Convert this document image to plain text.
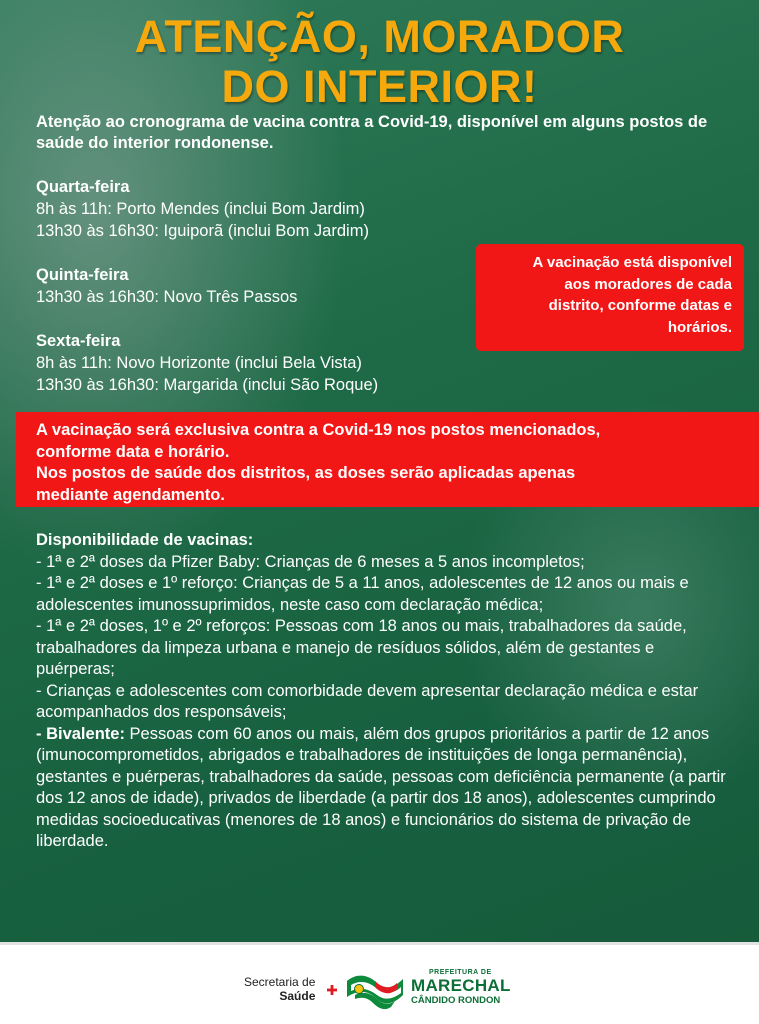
ATENÇÃO, MORADOR
DO INTERIOR!

Atenção ao cronograma de vacina contra a Covid-19, disponível em alguns postos de saúde do interior rondonense.

Quarta-feira

8h às 11h: Porto Mendes (inclui Bom Jardim)

13h30 às 16h30: Iguiporã (inclui Bom Jardim)

Quinta-feira

13h30 às 16h30: Novo Três Passos

Sexta-feira

8h às 11h: Novo Horizonte (inclui Bela Vista)

13h30 às 16h30: Margarida (inclui São Roque)

A vacinação está disponível
aos moradores de cada
distrito, conforme datas e
horários.
A vacinação será exclusiva contra a Covid-19 nos postos mencionados,
conforme data e horário.
Nos postos de saúde dos distritos, as doses serão aplicadas apenas
mediante agendamento.
Disponibilidade de vacinas:

- 1ª e 2ª doses da Pfizer Baby: Crianças de 6 meses a 5 anos incompletos;

- 1ª e 2ª doses e 1º reforço: Crianças de 5 a 11 anos, adolescentes de 12 anos ou mais e adolescentes imunossuprimidos, neste caso com declaração médica;

- 1ª e 2ª doses, 1º e 2º reforços: Pessoas com 18 anos ou mais, trabalhadores da saúde, trabalhadores da limpeza urbana e manejo de resíduos sólidos, além de gestantes e puérperas;

- Crianças e adolescentes com comorbidade devem apresentar declaração médica e estar acompanhados dos responsáveis;

- Bivalente: Pessoas com 60 anos ou mais, além dos grupos prioritários a partir de 12 anos (imunocomprometidos, abrigados e trabalhadores de instituições de longa permanência), gestantes e puérperas, trabalhadores da saúde, pessoas com deficiência permanente (a partir dos 12 anos de idade), privados de liberdade (a partir dos 18 anos), adolescentes cumprindo medidas socioeducativas (menores de 18 anos) e funcionários do sistema de privação de liberdade.

Secretaria de
Saúde
PREFEITURA DE
MARECHAL
CÂNDIDO RONDON
